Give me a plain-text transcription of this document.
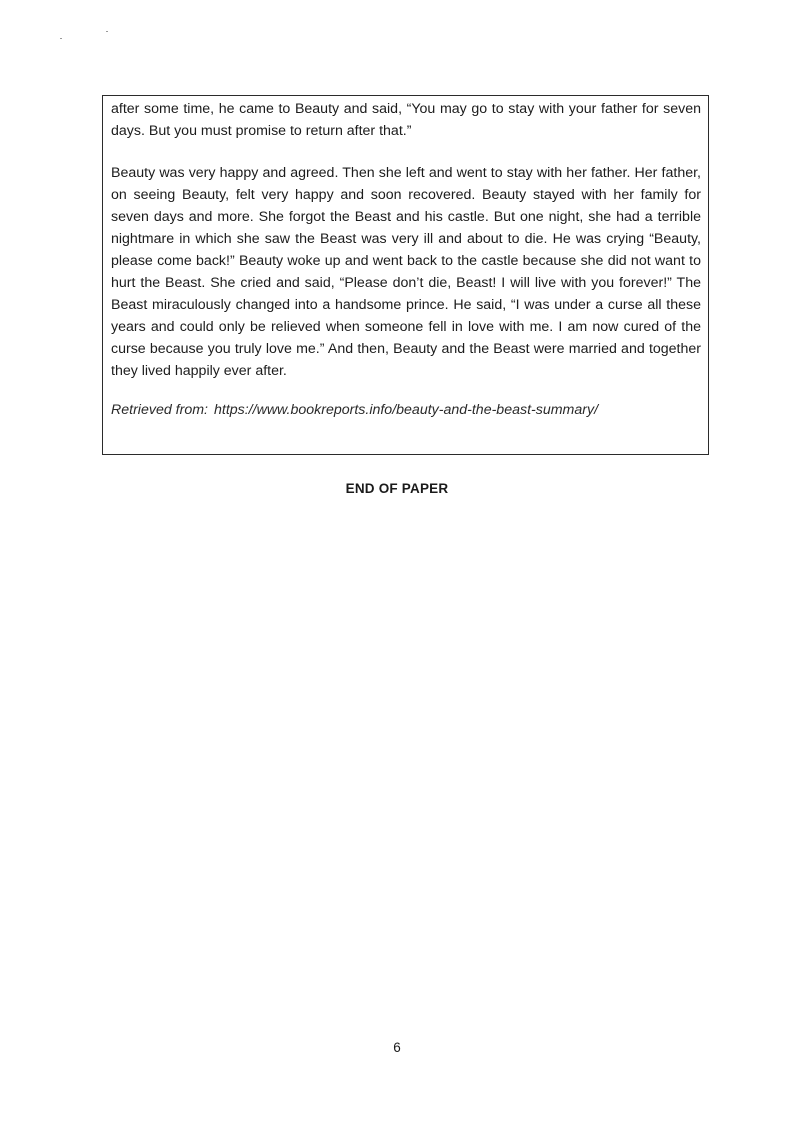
after some time, he came to Beauty and said, “You may go to stay with your father for seven days. But you must promise to return after that.”

Beauty was very happy and agreed. Then she left and went to stay with her father. Her father, on seeing Beauty, felt very happy and soon recovered. Beauty stayed with her family for seven days and more. She forgot the Beast and his castle. But one night, she had a terrible nightmare in which she saw the Beast was very ill and about to die. He was crying “Beauty, please come back!” Beauty woke up and went back to the castle because she did not want to hurt the Beast. She cried and said, “Please don’t die, Beast! I will live with you forever!” The Beast miraculously changed into a handsome prince. He said, “I was under a curse all these years and could only be relieved when someone fell in love with me. I am now cured of the curse because you truly love me.” And then, Beauty and the Beast were married and together they lived happily ever after.

Retrieved from: https://www.bookreports.info/beauty-and-the-beast-summary/

END OF PAPER
6
